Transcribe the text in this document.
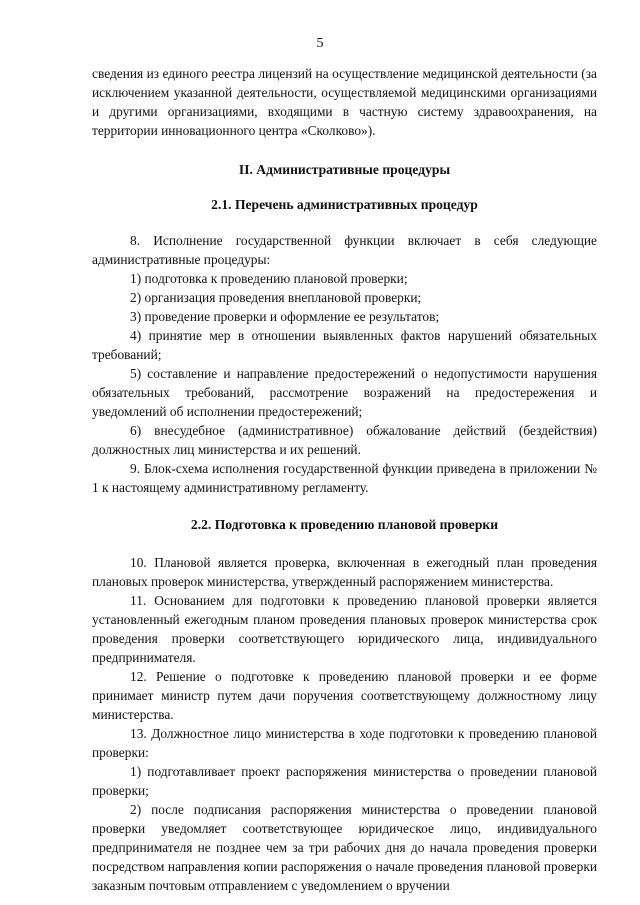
5

сведения из единого реестра лицензий на осуществление медицинской деятельности (за исключением указанной деятельности, осуществляемой медицинскими организациями и другими организациями, входящими в частную систему здравоохранения, на территории инновационного центра «Сколково»).

II. Административные процедуры
2.1. Перечень административных процедур

8. Исполнение государственной функции включает в себя следующие административные процедуры:

1) подготовка к проведению плановой проверки;

2) организация проведения внеплановой проверки;

3) проведение проверки и оформление ее результатов;

4) принятие мер в отношении выявленных фактов нарушений обязательных требований;

5) составление и направление предостережений о недопустимости нарушения обязательных требований, рассмотрение возражений на предостережения и уведомлений об исполнении предостережений;

6) внесудебное (административное) обжалование действий (бездействия) должностных лиц министерства и их решений.

9. Блок-схема исполнения государственной функции приведена в приложении № 1 к настоящему административному регламенту.

2.2. Подготовка к проведению плановой проверки

10. Плановой является проверка, включенная в ежегодный план проведения плановых проверок министерства, утвержденный распоряжением министерства.

11. Основанием для подготовки к проведению плановой проверки является установленный ежегодным планом проведения плановых проверок министерства срок проведения проверки соответствующего юридического лица, индивидуального предпринимателя.

12. Решение о подготовке к проведению плановой проверки и ее форме принимает министр путем дачи поручения соответствующему должностному лицу министерства.

13. Должностное лицо министерства в ходе подготовки к проведению плановой проверки:

1) подготавливает проект распоряжения министерства о проведении плановой проверки;

2) после подписания распоряжения министерства о проведении плановой проверки уведомляет соответствующее юридическое лицо, индивидуального предпринимателя не позднее чем за три рабочих дня до начала проведения проверки посредством направления копии распоряжения о начале проведения плановой проверки заказным почтовым отправлением с уведомлением о вручении
